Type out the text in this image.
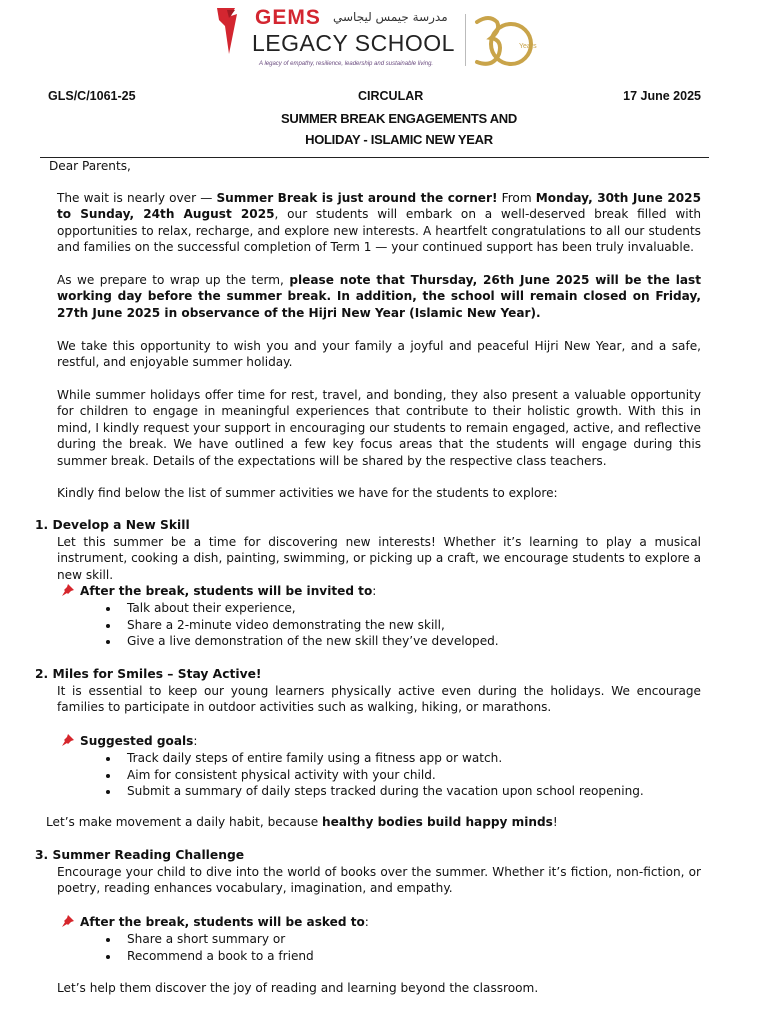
GEMS مدرسة جيمس ليجاسي
LEGACY SCHOOL
A legacy of empathy, resilience, leadership and sustainable living.
Years
GLS/C/1061-25	CIRCULAR	17 June 2025
SUMMER BREAK ENGAGEMENTS AND
HOLIDAY - ISLAMIC NEW YEAR
Dear Parents,
The wait is nearly over — Summer Break is just around the corner! From Monday, 30th June 2025 to Sunday, 24th August 2025, our students will embark on a well-deserved break filled with opportunities to relax, recharge, and explore new interests. A heartfelt congratulations to all our students and families on the successful completion of Term 1 — your continued support has been truly invaluable.
As we prepare to wrap up the term, please note that Thursday, 26th June 2025 will be the last working day before the summer break. In addition, the school will remain closed on Friday, 27th June 2025 in observance of the Hijri New Year (Islamic New Year).
We take this opportunity to wish you and your family a joyful and peaceful Hijri New Year, and a safe, restful, and enjoyable summer holiday.
While summer holidays offer time for rest, travel, and bonding, they also present a valuable opportunity for children to engage in meaningful experiences that contribute to their holistic growth. With this in mind, I kindly request your support in encouraging our students to remain engaged, active, and reflective during the break. We have outlined a few key focus areas that the students will engage during this summer break. Details of the expectations will be shared by the respective class teachers.
Kindly find below the list of summer activities we have for the students to explore:
1. Develop a New Skill
Let this summer be a time for discovering new interests! Whether it’s learning to play a musical instrument, cooking a dish, painting, swimming, or picking up a craft, we encourage students to explore a new skill.
After the break, students will be invited to:
Talk about their experience,
Share a 2-minute video demonstrating the new skill,
Give a live demonstration of the new skill they’ve developed.
2. Miles for Smiles – Stay Active!
It is essential to keep our young learners physically active even during the holidays. We encourage families to participate in outdoor activities such as walking, hiking, or marathons.
Suggested goals:
Track daily steps of entire family using a fitness app or watch.
Aim for consistent physical activity with your child.
Submit a summary of daily steps tracked during the vacation upon school reopening.
Let’s make movement a daily habit, because healthy bodies build happy minds!
3. Summer Reading Challenge
Encourage your child to dive into the world of books over the summer. Whether it’s fiction, non-fiction, or poetry, reading enhances vocabulary, imagination, and empathy.
After the break, students will be asked to:
Share a short summary or
Recommend a book to a friend
Let’s help them discover the joy of reading and learning beyond the classroom.
